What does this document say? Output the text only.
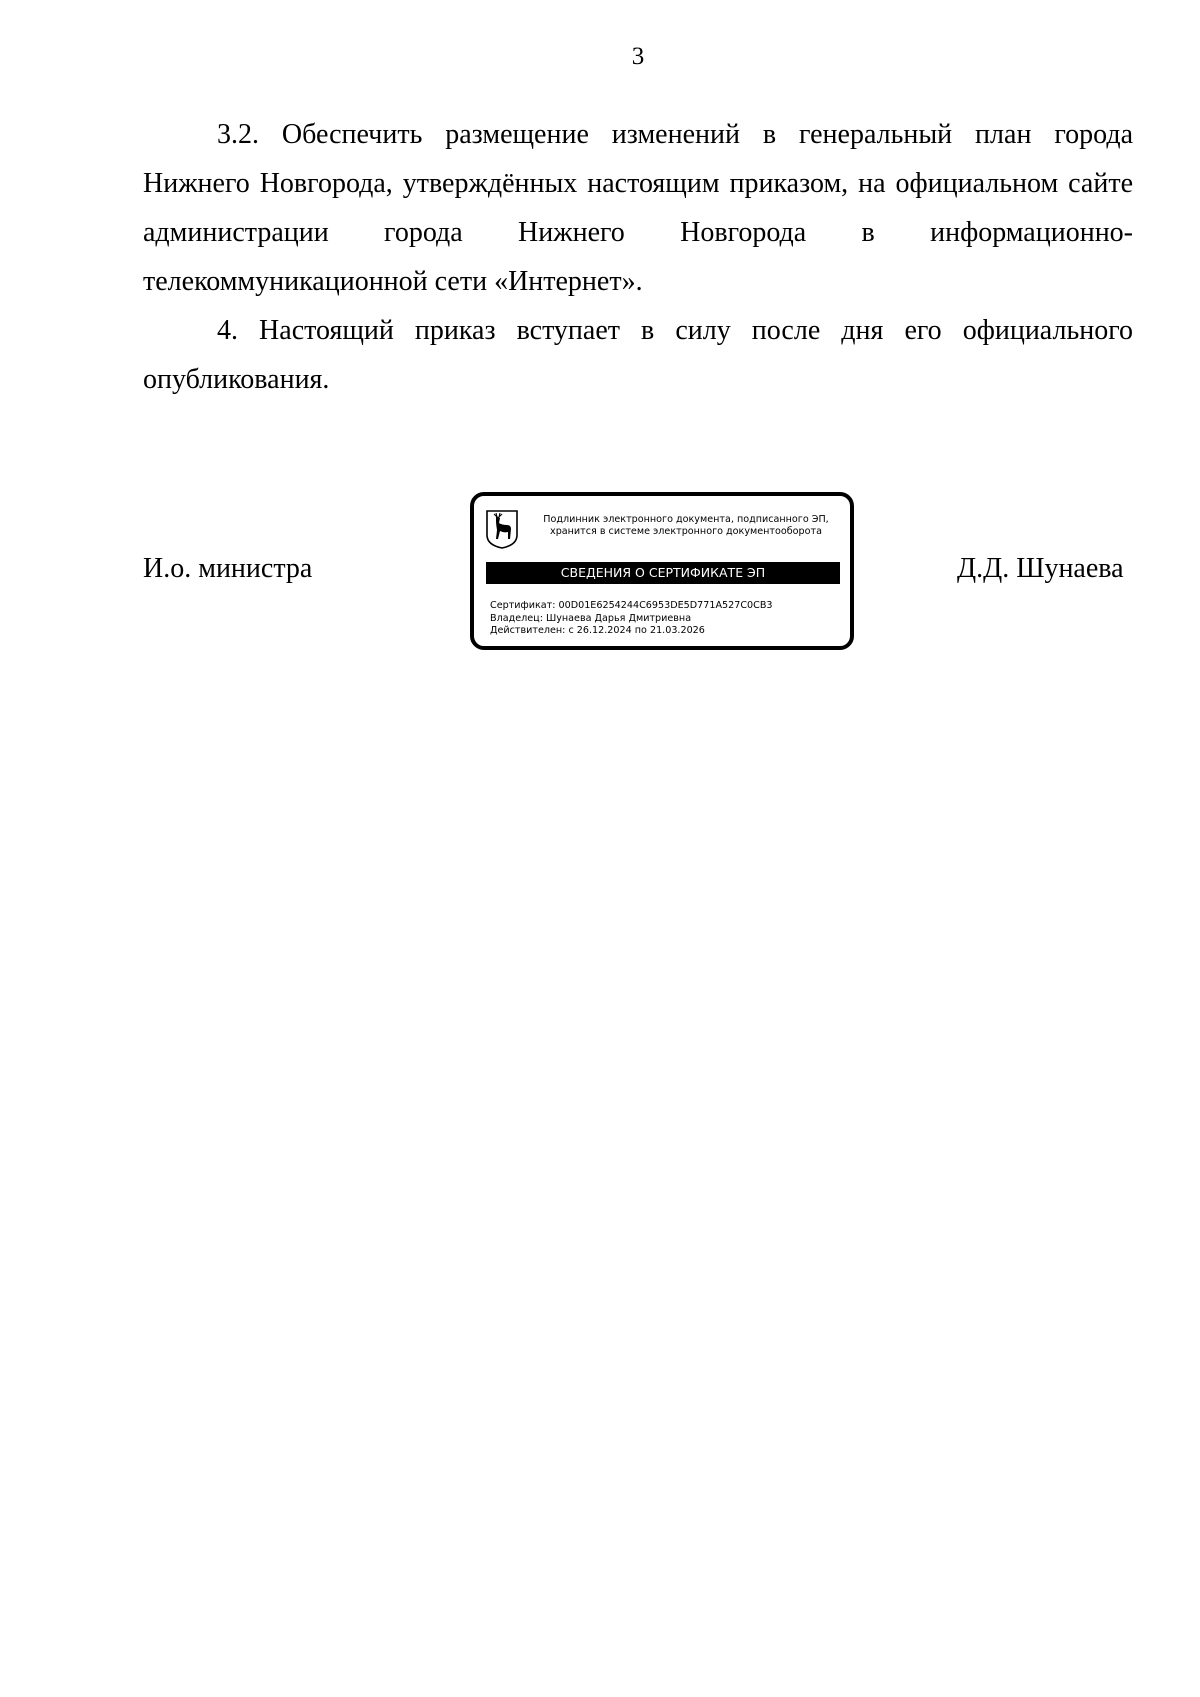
3

3.2. Обеспечить размещение изменений в генеральный план города Нижнего Новгорода, утверждённых настоящим приказом, на официальном сайте администрации города Нижнего Новгорода в информационно-телекоммуникационной сети «Интернет».

4. Настоящий приказ вступает в силу после дня его официального опубликования.

И.о. министра
Подлинник электронного документа, подписанного ЭП,
хранится в системе электронного документооборота
СВЕДЕНИЯ О СЕРТИФИКАТЕ ЭП
Сертификат: 00D01E6254244C6953DE5D771A527C0CB3
Владелец: Шунаева Дарья Дмитриевна
Действителен: с 26.12.2024 по 21.03.2026
Д.Д. Шунаева
